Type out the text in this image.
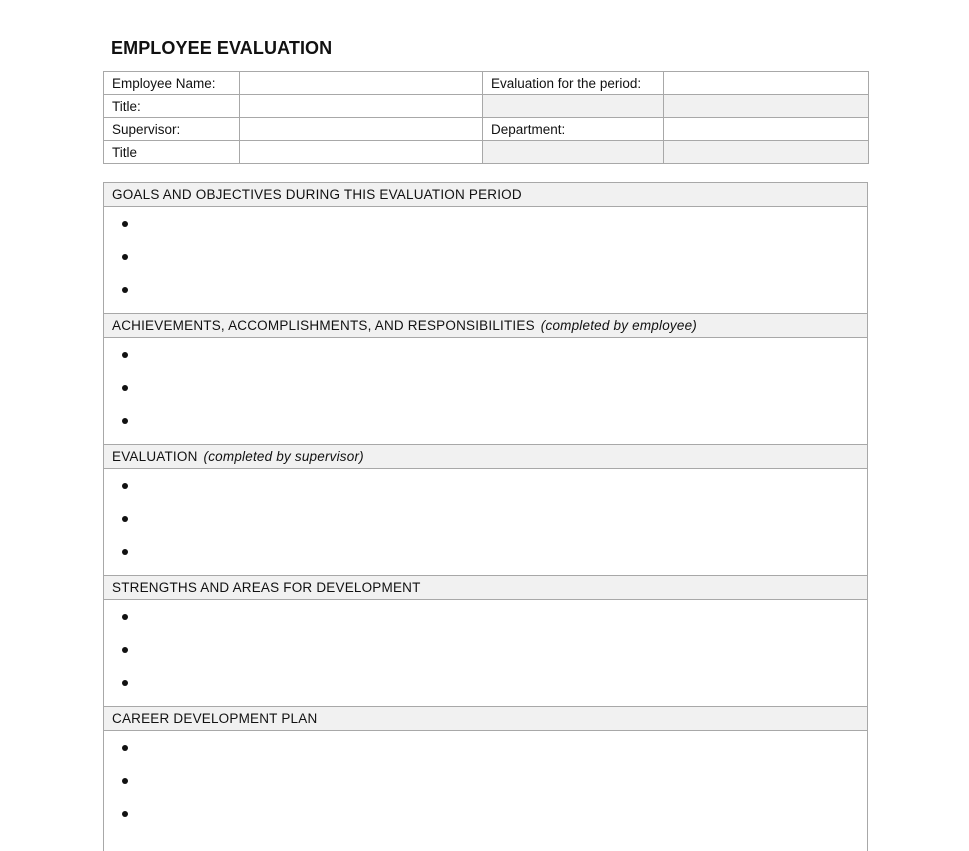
EMPLOYEE EVALUATION
Employee Name:		Evaluation for the period:	
Title:			
Supervisor:		Department:	
Title			
GOALS AND OBJECTIVES DURING THIS EVALUATION PERIOD
ACHIEVEMENTS, ACCOMPLISHMENTS, AND RESPONSIBILITIES (completed by employee)
EVALUATION (completed by supervisor)
STRENGTHS AND AREAS FOR DEVELOPMENT
CAREER DEVELOPMENT PLAN
